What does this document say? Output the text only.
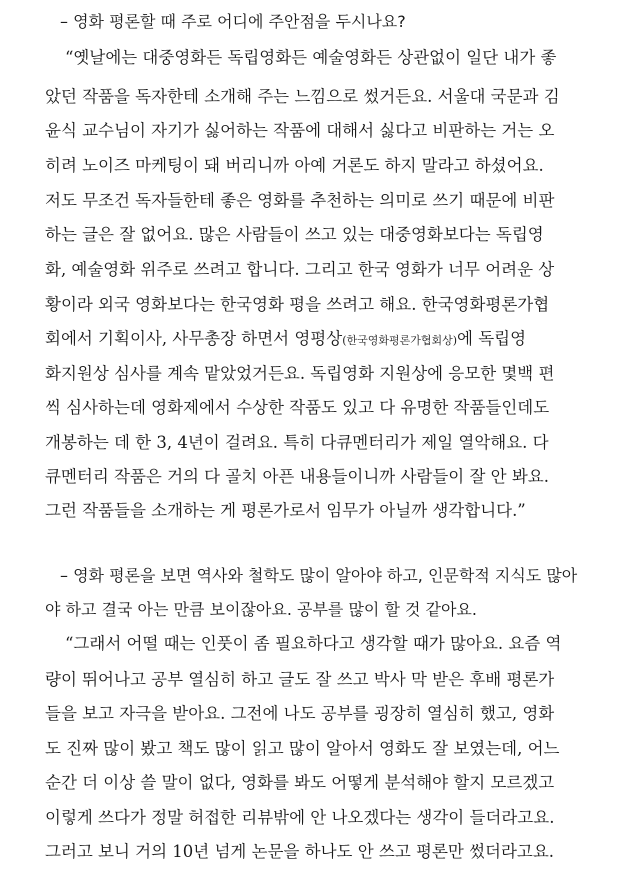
– 영화 평론할 때 주로 어디에 주안점을 두시나요?
“옛날에는 대중영화든 독립영화든 예술영화든 상관없이 일단 내가 좋
았던 작품을 독자한테 소개해 주는 느낌으로 썼거든요. 서울대 국문과 김
윤식 교수님이 자기가 싫어하는 작품에 대해서 싫다고 비판하는 거는 오
히려 노이즈 마케팅이 돼 버리니까 아예 거론도 하지 말라고 하셨어요.
저도 무조건 독자들한테 좋은 영화를 추천하는 의미로 쓰기 때문에 비판
하는 글은 잘 없어요. 많은 사람들이 쓰고 있는 대중영화보다는 독립영
화, 예술영화 위주로 쓰려고 합니다. 그리고 한국 영화가 너무 어려운 상
황이라 외국 영화보다는 한국영화 평을 쓰려고 해요. 한국영화평론가협
회에서 기획이사, 사무총장 하면서 영평상(한국영화평론가협회상)에 독립영
화지원상 심사를 계속 맡았었거든요. 독립영화 지원상에 응모한 몇백 편
씩 심사하는데 영화제에서 수상한 작품도 있고 다 유명한 작품들인데도
개봉하는 데 한 3, 4년이 걸려요. 특히 다큐멘터리가 제일 열악해요. 다
큐멘터리 작품은 거의 다 골치 아픈 내용들이니까 사람들이 잘 안 봐요.
그런 작품들을 소개하는 게 평론가로서 임무가 아닐까 생각합니다.”
– 영화 평론을 보면 역사와 철학도 많이 알아야 하고, 인문학적 지식도 많아
야 하고 결국 아는 만큼 보이잖아요. 공부를 많이 할 것 같아요.
“그래서 어떨 때는 인풋이 좀 필요하다고 생각할 때가 많아요. 요즘 역
량이 뛰어나고 공부 열심히 하고 글도 잘 쓰고 박사 막 받은 후배 평론가
들을 보고 자극을 받아요. 그전에 나도 공부를 굉장히 열심히 했고, 영화
도 진짜 많이 봤고 책도 많이 읽고 많이 알아서 영화도 잘 보였는데, 어느
순간 더 이상 쓸 말이 없다, 영화를 봐도 어떻게 분석해야 할지 모르겠고
이렇게 쓰다가 정말 허접한 리뷰밖에 안 나오겠다는 생각이 들더라고요.
그러고 보니 거의 10년 넘게 논문을 하나도 안 쓰고 평론만 썼더라고요.
